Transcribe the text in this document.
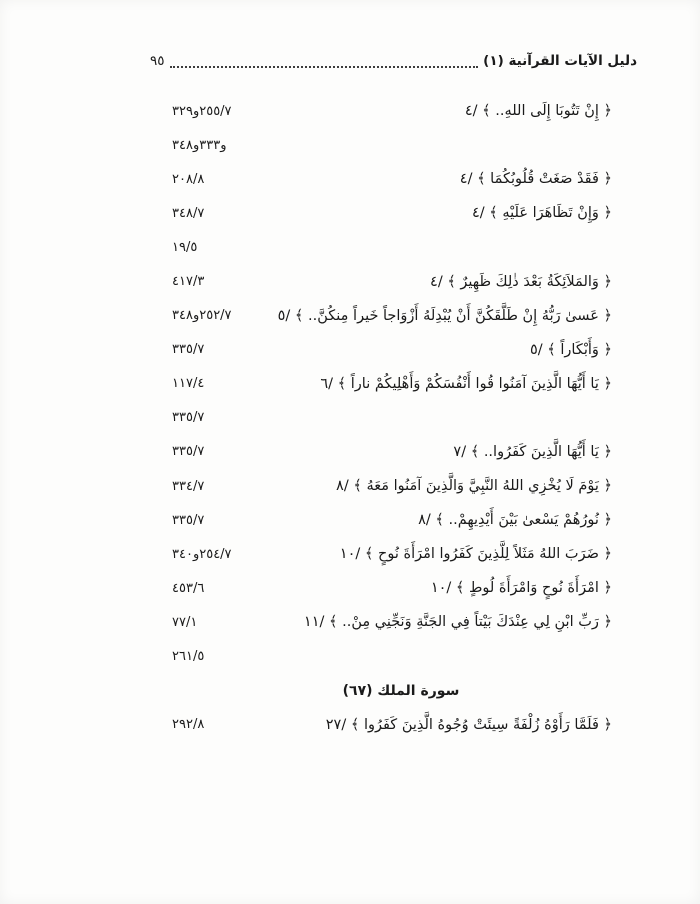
دليل الآيات القرآنية (١)
٩٥
﴿ إِنْ تَتُوبَا إِلَى اللهِ.. ﴾ /٤
٢٥٥/٧و٣٢٩
و٣٣٣و٣٤٨
﴿ فَقَدْ صَغَتْ قُلُوبُكُمَا ﴾ /٤
٢٠٨/٨
﴿ وَإِنْ تَظَاهَرَا عَلَيْهِ ﴾ /٤
٣٤٨/٧
١٩/٥
﴿ وَالمَلاَئِكَةُ بَعْدَ ذٰلِكَ ظَهِيرٌ ﴾ /٤
٤١٧/٣
﴿ عَسىٰ رَبُّهُ إِنْ طَلَّقَكُنَّ أَنْ يُبْدِلَهُ أَزْوَاجاً خَيراً مِنكُنَّ.. ﴾ /٥
٢٥٢/٧و٣٤٨
﴿ وَأَبْكَاراً ﴾ /٥
٣٣٥/٧
﴿ يَا أَيُّهَا الَّذِينَ آمَنُوا قُوا أَنْفُسَكُمْ وَأَهْلِيكُمْ ناراً ﴾ /٦
١١٧/٤
٣٣٥/٧
﴿ يَا أَيُّهَا الَّذِينَ كَفَرُوا.. ﴾ /٧
٣٣٥/٧
﴿ يَوْمَ لَا يُخْزِي اللهُ النَّبِيَّ وَالَّذِينَ آمَنُوا مَعَهُ ﴾ /٨
٣٣٤/٧
﴿ نُورُهُمْ يَسْعىٰ بَيْنَ أَيْدِيهِمْ.. ﴾ /٨
٣٣٥/٧
﴿ ضَرَبَ اللهُ مَثَلاً لِلَّذِينَ كَفَرُوا امْرَأَةَ نُوحٍ ﴾ /١٠
٢٥٤/٧و٣٤٠
﴿ امْرَأَةَ نُوحٍ وَامْرَأَةَ لُوطٍ ﴾ /١٠
٤٥٣/٦
﴿ رَبِّ ابْنِ لِي عِنْدَكَ بَيْتاً فِي الجَنَّةِ وَنَجِّنِي مِنْ.. ﴾ /١١
٧٧/١
٢٦١/٥
سورة الملك (٦٧)
﴿ فَلَمَّا رَأَوْهُ زُلْفَةً سِيئَتْ وُجُوهُ الَّذِينَ كَفَرُوا ﴾ /٢٧
٢٩٢/٨
